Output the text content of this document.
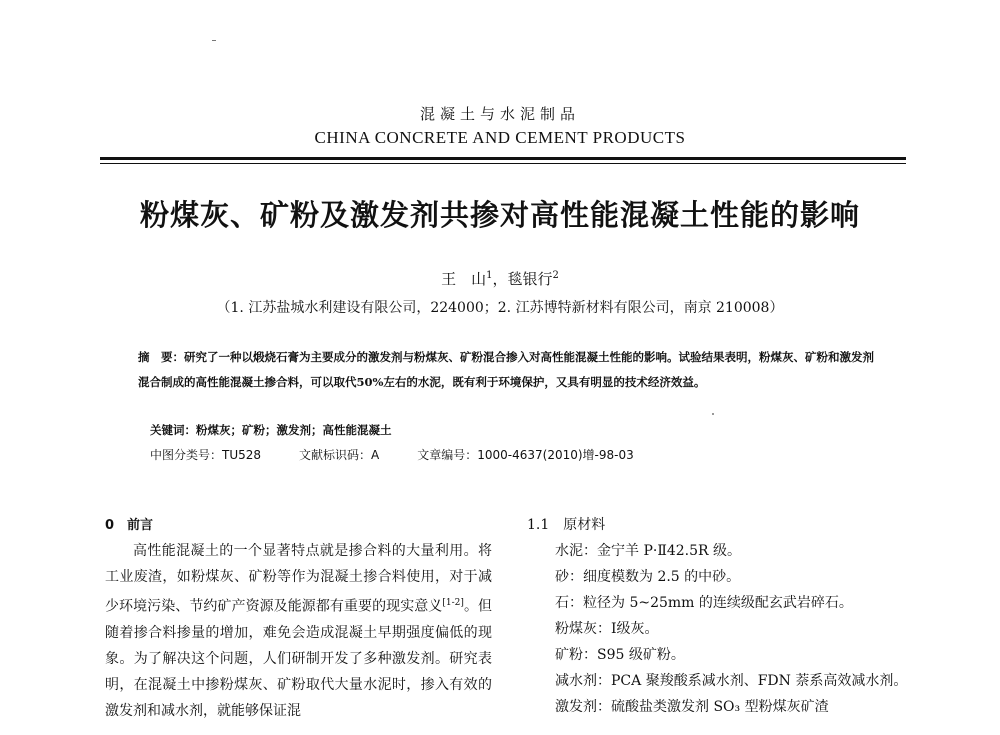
混凝土与水泥制品
CHINA CONCRETE AND CEMENT PRODUCTS
粉煤灰、矿粉及激发剂共掺对高性能混凝土性能的影响
王　山$^1$，毯银行$^2$
（1. 江苏盐城水利建设有限公司，224000；2. 江苏博特新材料有限公司，南京 210008）
摘　要：研究了一种以煅烧石膏为主要成分的激发剂与粉煤灰、矿粉混合掺入对高性能混凝土性能的影响。试验结果表明，粉煤灰、矿粉和激发剂混合制成的高性能混凝土掺合料，可以取代50%左右的水泥，既有利于环境保护，又具有明显的技术经济效益。
关键词：粉煤灰；矿粉；激发剂；高性能混凝土
中图分类号：TU528	文献标识码：A	文章编号：1000-4637(2010)增-98-03
0　前言
高性能混凝土的一个显著特点就是掺合料的大量利用。将工业废渣，如粉煤灰、矿粉等作为混凝土掺合料使用，对于减少环境污染、节约矿产资源及能源都有重要的现实意义[1-2]。但随着掺合料掺量的增加，难免会造成混凝土早期强度偏低的现象。为了解决这个问题，人们研制开发了多种激发剂。研究表明，在混凝土中掺粉煤灰、矿粉取代大量水泥时，掺入有效的激发剂和减水剂，就能够保证混
1.1　原材料

水泥：金宁羊 P·Ⅱ42.5R 级。

砂：细度模数为 2.5 的中砂。

石：粒径为 5~25mm 的连续级配玄武岩碎石。

粉煤灰：Ⅰ级灰。

矿粉：S95 级矿粉。

减水剂：PCA 聚羧酸系减水剂、FDN 萘系高效减水剂。

激发剂：硫酸盐类激发剂 SO₃ 型粉煤灰矿渣
